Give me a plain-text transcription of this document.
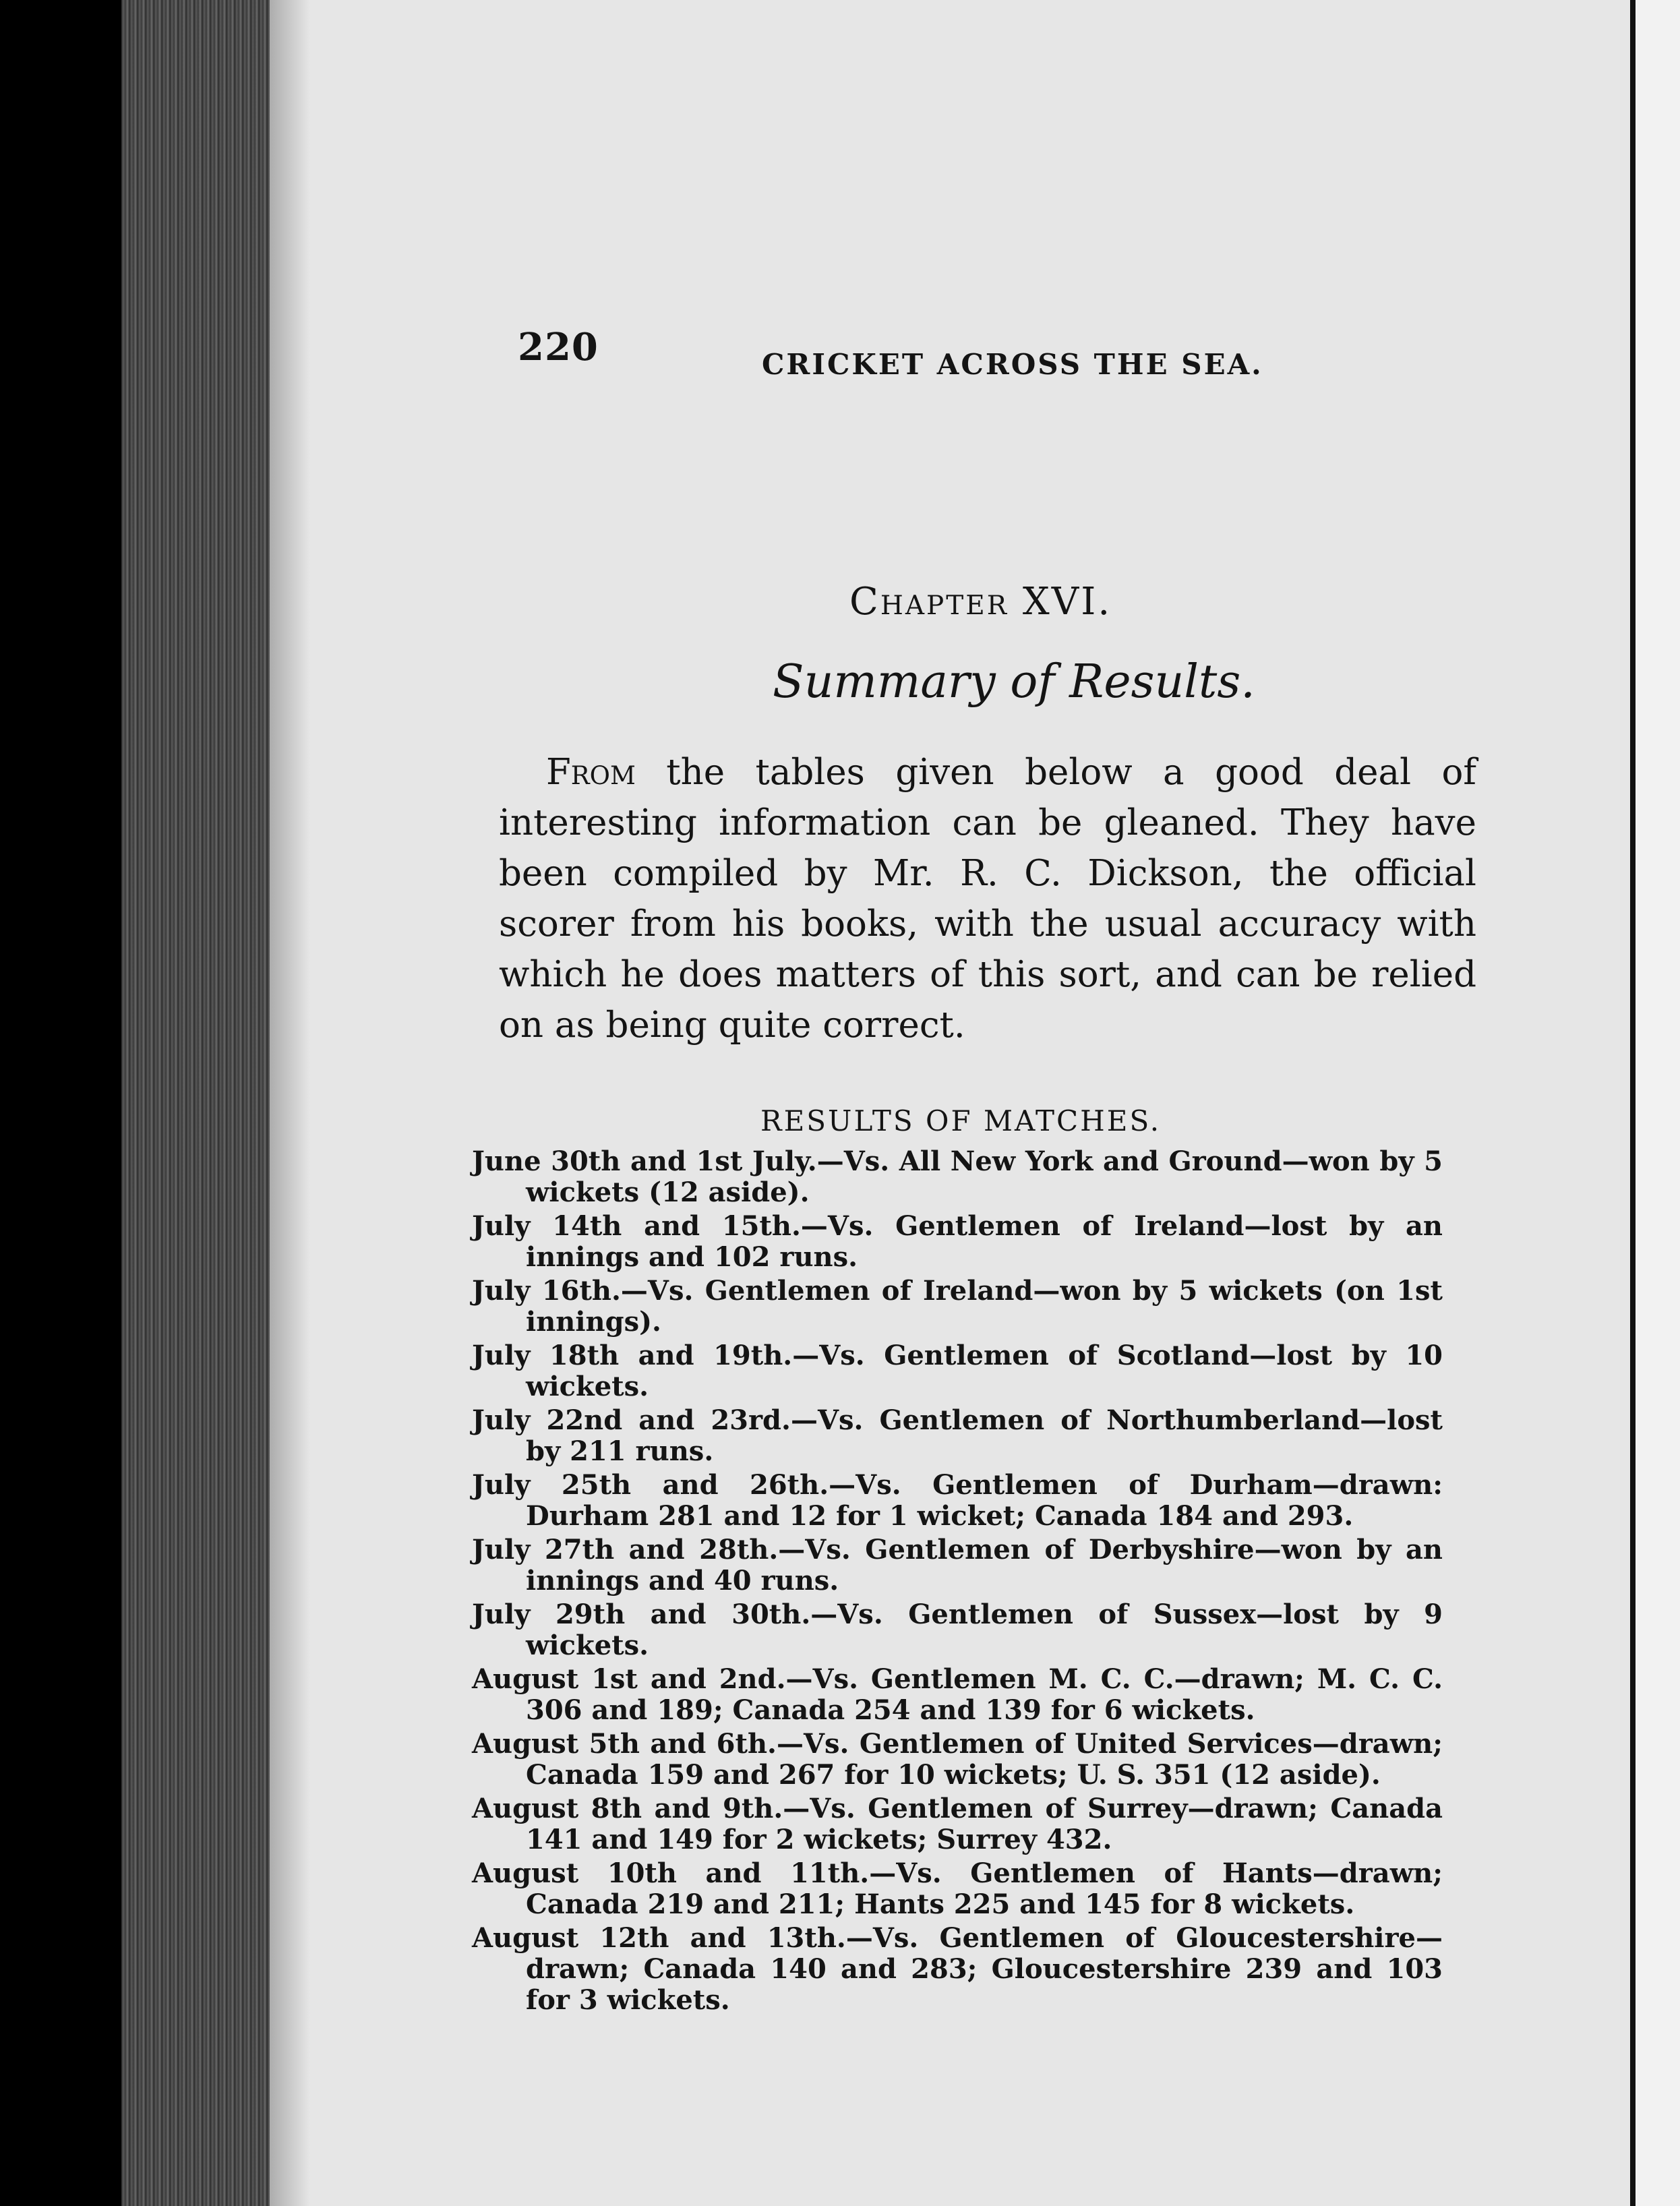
220	CRICKET ACROSS THE SEA.
Chapter XVI.
Summary of Results.

From the tables given below a good deal of interesting information can be gleaned. They have been compiled by Mr. R. C. Dickson, the official scorer from his books, with the usual accuracy with which he does matters of this sort, and can be relied on as being quite correct.

RESULTS OF MATCHES.
June 30th and 1st July.—Vs. All New York and Ground—won by 5 wickets (12 aside).
July 14th and 15th.—Vs. Gentlemen of Ireland—lost by an innings and 102 runs.
July 16th.—Vs. Gentlemen of Ireland—won by 5 wickets (on 1st innings).
July 18th and 19th.—Vs. Gentlemen of Scotland—lost by 10 wickets.
July 22nd and 23rd.—Vs. Gentlemen of Northumberland—lost by 211 runs.
July 25th and 26th.—Vs. Gentlemen of Durham—drawn: Durham 281 and 12 for 1 wicket; Canada 184 and 293.
July 27th and 28th.—Vs. Gentlemen of Derbyshire—won by an innings and 40 runs.
July 29th and 30th.—Vs. Gentlemen of Sussex—lost by 9 wickets.
August 1st and 2nd.—Vs. Gentlemen M. C. C.—drawn; M. C. C. 306 and 189; Canada 254 and 139 for 6 wickets.
August 5th and 6th.—Vs. Gentlemen of United Services—drawn; Canada 159 and 267 for 10 wickets; U. S. 351 (12 aside).
August 8th and 9th.—Vs. Gentlemen of Surrey—drawn; Canada 141 and 149 for 2 wickets; Surrey 432.
August 10th and 11th.—Vs. Gentlemen of Hants—drawn; Canada 219 and 211; Hants 225 and 145 for 8 wickets.
August 12th and 13th.—Vs. Gentlemen of Gloucestershire—drawn; Canada 140 and 283; Gloucestershire 239 and 103 for 3 wickets.
